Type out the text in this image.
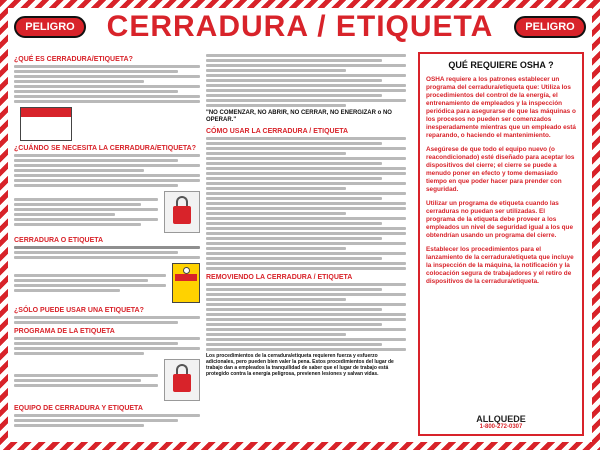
PELIGRO	CERRADURA / ETIQUETA	PELIGRO
¿QUÉ ES CERRADURA/ETIQUETA?
¿CUÁNDO SE NECESITA LA CERRADURA/ETIQUETA?
CERRADURA O ETIQUETA
¿SÓLO PUEDE USAR UNA ETIQUETA?
PROGRAMA DE LA ETIQUETA
EQUIPO DE CERRADURA Y ETIQUETA
"NO COMENZAR, NO ABRIR, NO CERRAR, NO ENERGIZAR o NO OPERAR."
CÓMO USAR LA CERRADURA / ETIQUETA
REMOVIENDO LA CERRADURA / ETIQUETA
Los procedimientos de la cerradura/etiqueta requieren fuerza y esfuerzo adicionales, pero pueden bien valer la pena. Estos procedimientos del lugar de trabajo dan a empleados la tranquilidad de saber que el lugar de trabajo está protegido contra la energía peligrosa, previenen lesiones y salvan vidas.
QUÉ REQUIERE OSHA ?
OSHA requiere a los patrones establecer un programa del cerradura/etiqueta que: Utiliza los procedimientos del control de la energía, el entrenamiento de empleados y la inspección periódica para asegurarse de que las máquinas o los procesos no pueden ser comenzados inesperadamente mientras que un empleado está reparando, o haciendo el mantenimiento.
Asegúrese de que todo el equipo nuevo (o reacondicionado) esté diseñado para aceptar los dispositivos del cierre; el cierre se puede a menudo poner en efecto y tome demasiado tiempo en que poder hacer para prender con seguridad.
Utilizar un programa de etiqueta cuando las cerraduras no puedan ser utilizadas. El programa de la etiqueta debe proveer a los empleados un nivel de seguridad igual a los que obtendrían usando un programa del cierre.
Establecer los procedimientos para el lanzamiento de la cerradura/etiqueta que incluye la inspección de la máquina, la notificación y la colocación segura de trabajadores y el retiro de dispositivos de la cerradura/etiqueta.
ALLQUEDE
1-800-272-0307
